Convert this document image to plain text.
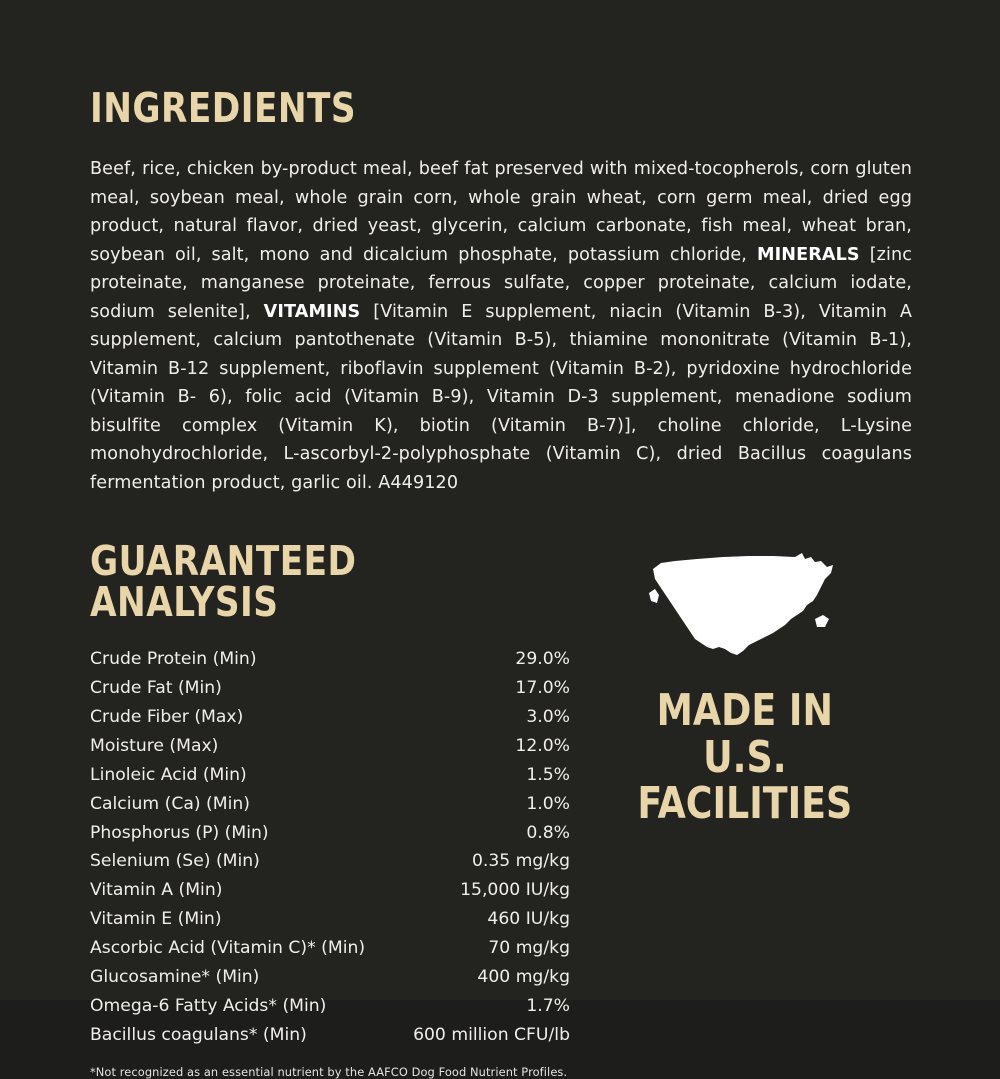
INGREDIENTS

Beef, rice, chicken by-product meal, beef fat preserved with mixed-tocopherols, corn gluten meal, soybean meal, whole grain corn, whole grain wheat, corn germ meal, dried egg product, natural flavor, dried yeast, glycerin, calcium carbonate, fish meal, wheat bran, soybean oil, salt, mono and dicalcium phosphate, potassium chloride, MINERALS [zinc proteinate, manganese proteinate, ferrous sulfate, copper proteinate, calcium iodate, sodium selenite], VITAMINS [Vitamin E supplement, niacin (Vitamin B-3), Vitamin A supplement, calcium pantothenate (Vitamin B-5), thiamine mononitrate (Vitamin B-1), Vitamin B-12 supplement, riboflavin supplement (Vitamin B-2), pyridoxine hydrochloride (Vitamin B- 6), folic acid (Vitamin B-9), Vitamin D-3 supplement, menadione sodium bisulfite complex (Vitamin K), biotin (Vitamin B-7)], choline chloride, L-Lysine monohydrochloride, L-ascorbyl-2-polyphosphate (Vitamin C), dried Bacillus coagulans fermentation product, garlic oil. A449120

GUARANTEED ANALYSIS
Crude Protein (Min)	29.0%
Crude Fat (Min)	17.0%
Crude Fiber (Max)	3.0%
Moisture (Max)	12.0%
Linoleic Acid (Min)	1.5%
Calcium (Ca) (Min)	1.0%
Phosphorus (P) (Min)	0.8%
Selenium (Se) (Min)	0.35 mg/kg
Vitamin A (Min)	15,000 IU/kg
Vitamin E (Min)	460 IU/kg
Ascorbic Acid (Vitamin C)* (Min)	70 mg/kg
Glucosamine* (Min)	400 mg/kg
Omega-6 Fatty Acids* (Min)	1.7%
Bacillus coagulans* (Min)	600 million CFU/lb
*Not recognized as an essential nutrient by the AAFCO Dog Food Nutrient Profiles.
MADE IN
U.S.
FACILITIES
